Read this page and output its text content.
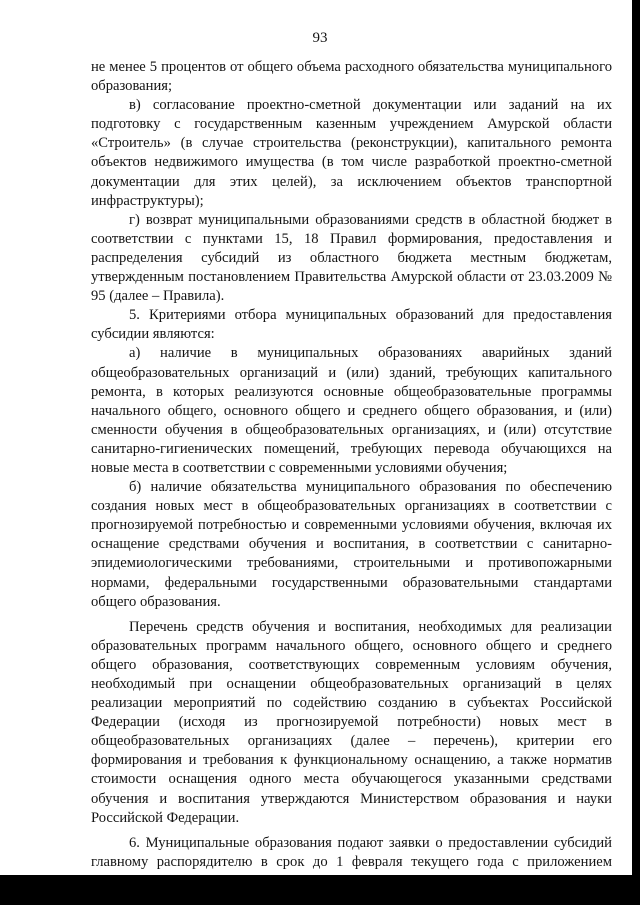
93

не менее 5 процентов от общего объема расходного обязательства муниципального образования;

в) согласование проектно-сметной документации или заданий на их подготовку с государственным казенным учреждением Амурской области «Строитель» (в случае строительства (реконструкции), капитального ремонта объектов недвижимого имущества (в том числе разработкой проектно-сметной документации для этих целей), за исключением объектов транспортной инфраструктуры);

г) возврат муниципальными образованиями средств в областной бюджет в соответствии с пунктами 15, 18 Правил формирования, предоставления и распределения субсидий из областного бюджета местным бюджетам, утвержденным постановлением Правительства Амурской области от 23.03.2009 № 95 (далее – Правила).

5. Критериями отбора муниципальных образований для предоставления субсидии являются:

а) наличие в муниципальных образованиях аварийных зданий общеобразовательных организаций и (или) зданий, требующих капитального ремонта, в которых реализуются основные общеобразовательные программы начального общего, основного общего и среднего общего образования, и (или) сменности обучения в общеобразовательных организациях, и (или) отсутствие санитарно-гигиенических помещений, требующих перевода обучающихся на новые места в соответствии с современными условиями обучения;

б) наличие обязательства муниципального образования по обеспечению создания новых мест в общеобразовательных организациях в соответствии с прогнозируемой потребностью и современными условиями обучения, включая их оснащение средствами обучения и воспитания, в соответствии с санитарно-эпидемиологическими требованиями, строительными и противопожарными нормами, федеральными государственными образовательными стандартами общего образования.

Перечень средств обучения и воспитания, необходимых для реализации образовательных программ начального общего, основного общего и среднего общего образования, соответствующих современным условиям обучения, необходимый при оснащении общеобразовательных организаций в целях реализации мероприятий по содействию созданию в субъектах Российской Федерации (исходя из прогнозируемой потребности) новых мест в общеобразовательных организациях (далее – перечень), критерии его формирования и требования к функциональному оснащению, а также норматив стоимости оснащения одного места обучающегося указанными средствами обучения и воспитания утверждаются Министерством образования и науки Российской Федерации.

6. Муниципальные образования подают заявки о предоставлении субсидий главному распорядителю в срок до 1 февраля текущего года с приложением
